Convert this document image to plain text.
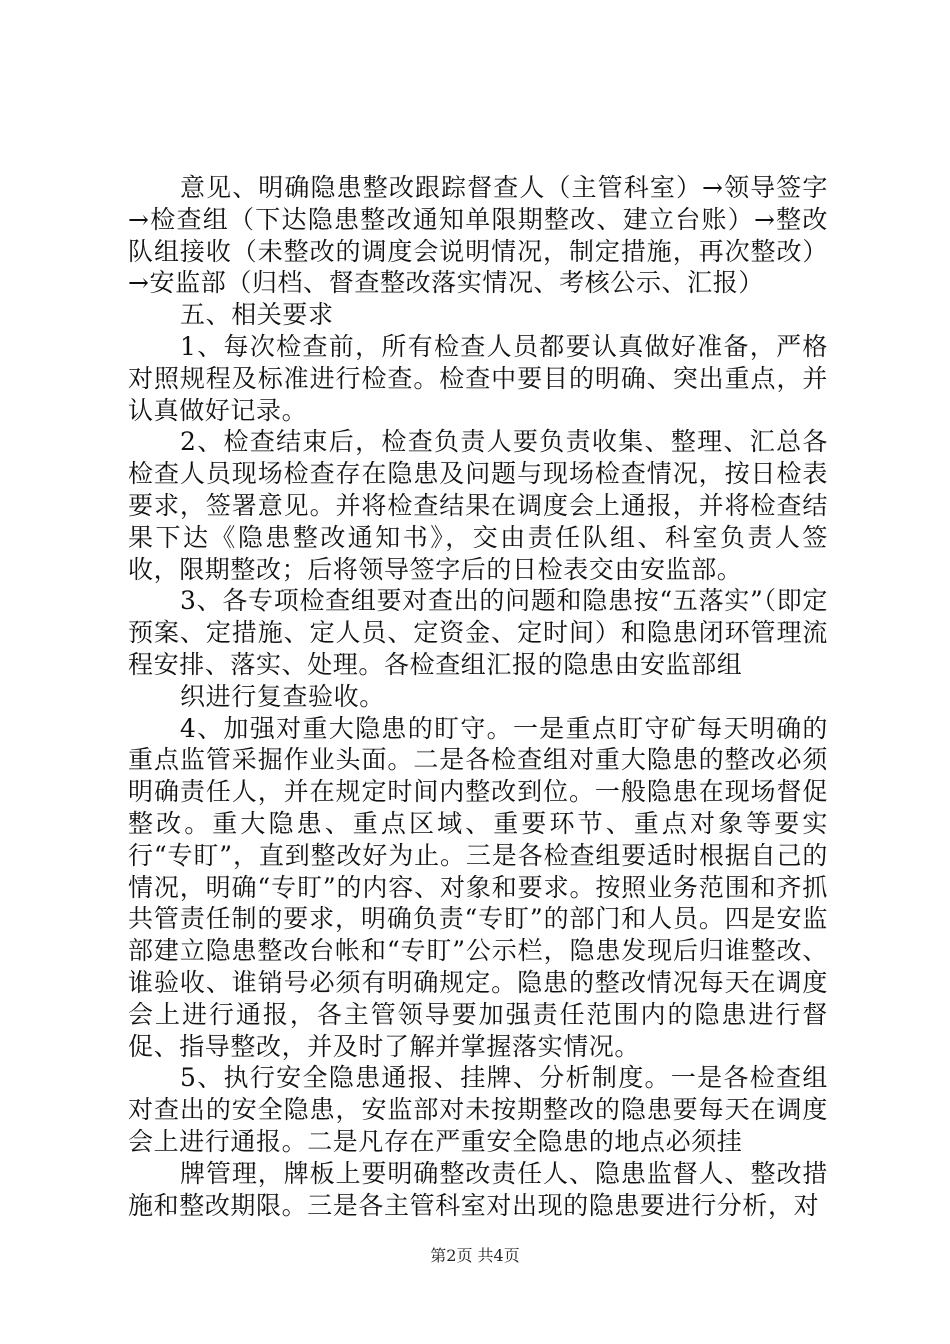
意见、明确隐患整改跟踪督查人（主管科室）→领导签字→检查组（下达隐患整改通知单限期整改、建立台账）→整改队组接收（未整改的调度会说明情况，制定措施，再次整改）→安监部（归档、督查整改落实情况、考核公示、汇报）

五、相关要求

1、每次检查前，所有检查人员都要认真做好准备，严格对照规程及标准进行检查。检查中要目的明确、突出重点，并认真做好记录。

2、检查结束后，检查负责人要负责收集、整理、汇总各检查人员现场检查存在隐患及问题与现场检查情况，按日检表要求，签署意见。并将检查结果在调度会上通报，并将检查结果下达《隐患整改通知书》，交由责任队组、科室负责人签收，限期整改；后将领导签字后的日检表交由安监部。

3、各专项检查组要对查出的问题和隐患按“五落实”（即定预案、定措施、定人员、定资金、定时间）和隐患闭环管理流程安排、落实、处理。各检查组汇报的隐患由安监部组

织进行复查验收。

4、加强对重大隐患的盯守。一是重点盯守矿每天明确的重点监管采掘作业头面。二是各检查组对重大隐患的整改必须明确责任人，并在规定时间内整改到位。一般隐患在现场督促整改。重大隐患、重点区域、重要环节、重点对象等要实行“专盯”，直到整改好为止。三是各检查组要适时根据自己的情况，明确“专盯”的内容、对象和要求。按照业务范围和齐抓共管责任制的要求，明确负责“专盯”的部门和人员。四是安监部建立隐患整改台帐和“专盯”公示栏，隐患发现后归谁整改、谁验收、谁销号必须有明确规定。隐患的整改情况每天在调度会上进行通报，各主管领导要加强责任范围内的隐患进行督促、指导整改，并及时了解并掌握落实情况。

5、执行安全隐患通报、挂牌、分析制度。一是各检查组对查出的安全隐患，安监部对未按期整改的隐患要每天在调度会上进行通报。二是凡存在严重安全隐患的地点必须挂

牌管理，牌板上要明确整改责任人、隐患监督人、整改措施和整改期限。三是各主管科室对出现的隐患要进行分析，对

第2页 共4页
